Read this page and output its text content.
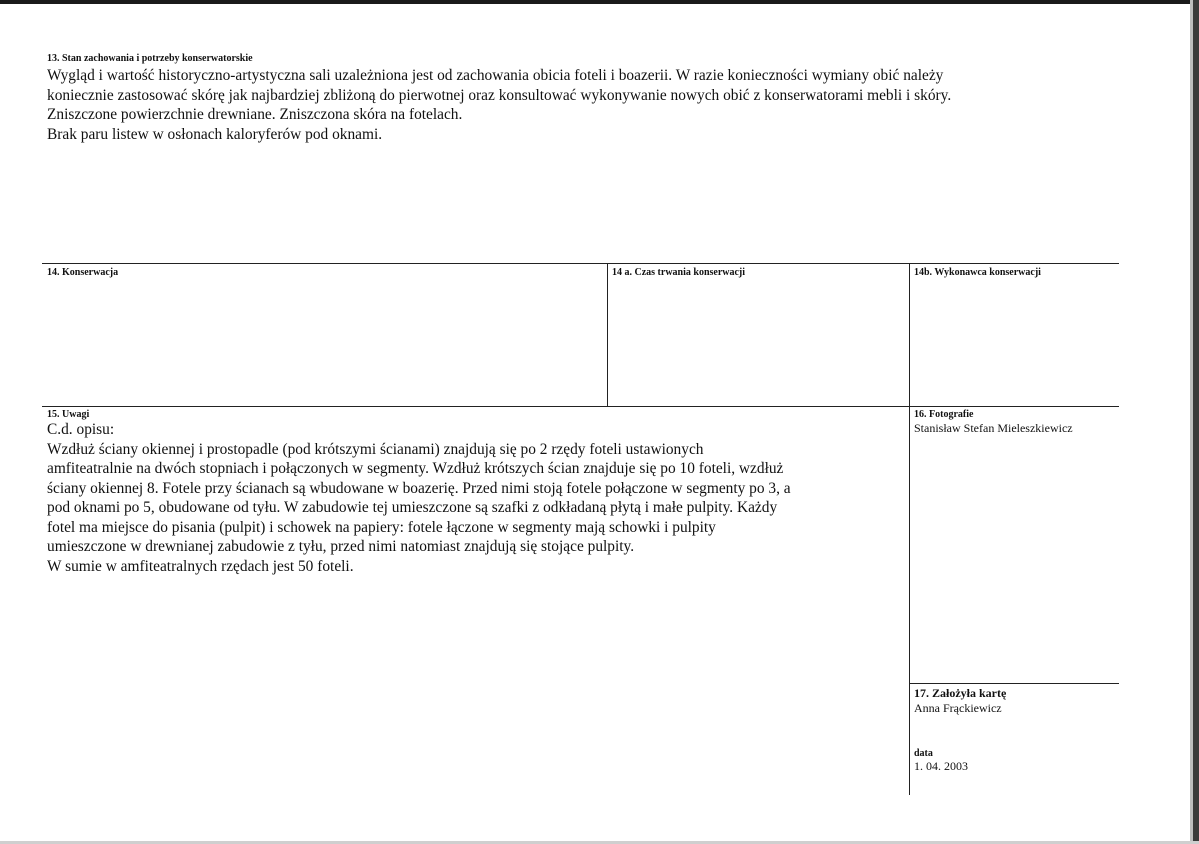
13. Stan zachowania i potrzeby konserwatorskie
Wygląd i wartość historyczno-artystyczna sali uzależniona jest od zachowania obicia foteli i boazerii. W razie konieczności wymiany obić należy
koniecznie zastosować skórę jak najbardziej zbliżoną do pierwotnej oraz konsultować wykonywanie nowych obić z konserwatorami mebli i skóry.
Zniszczone powierzchnie drewniane. Zniszczona skóra na fotelach.
Brak paru listew w osłonach kaloryferów pod oknami.
14. Konserwacja	14 a. Czas trwania konserwacji	14b. Wykonawca konserwacji
15. Uwagi
C.d. opisu:
Wzdłuż ściany okiennej i prostopadle (pod krótszymi ścianami) znajdują się po 2 rzędy foteli ustawionych
amfiteatralnie na dwóch stopniach i połączonych w segmenty. Wzdłuż krótszych ścian znajduje się po 10 foteli, wzdłuż
ściany okiennej 8. Fotele przy ścianach są wbudowane w boazerię. Przed nimi stoją fotele połączone w segmenty po 3, a
pod oknami po 5, obudowane od tyłu. W zabudowie tej umieszczone są szafki z odkładaną płytą i małe pulpity. Każdy
fotel ma miejsce do pisania (pulpit) i schowek na papiery: fotele łączone w segmenty mają schowki i pulpity
umieszczone w drewnianej zabudowie z tyłu, przed nimi natomiast znajdują się stojące pulpity.
W sumie w amfiteatralnych rzędach jest 50 foteli.
16. Fotografie
Stanisław Stefan Mieleszkiewicz
17. Założyła kartę
Anna Frąckiewicz
data
1. 04. 2003
